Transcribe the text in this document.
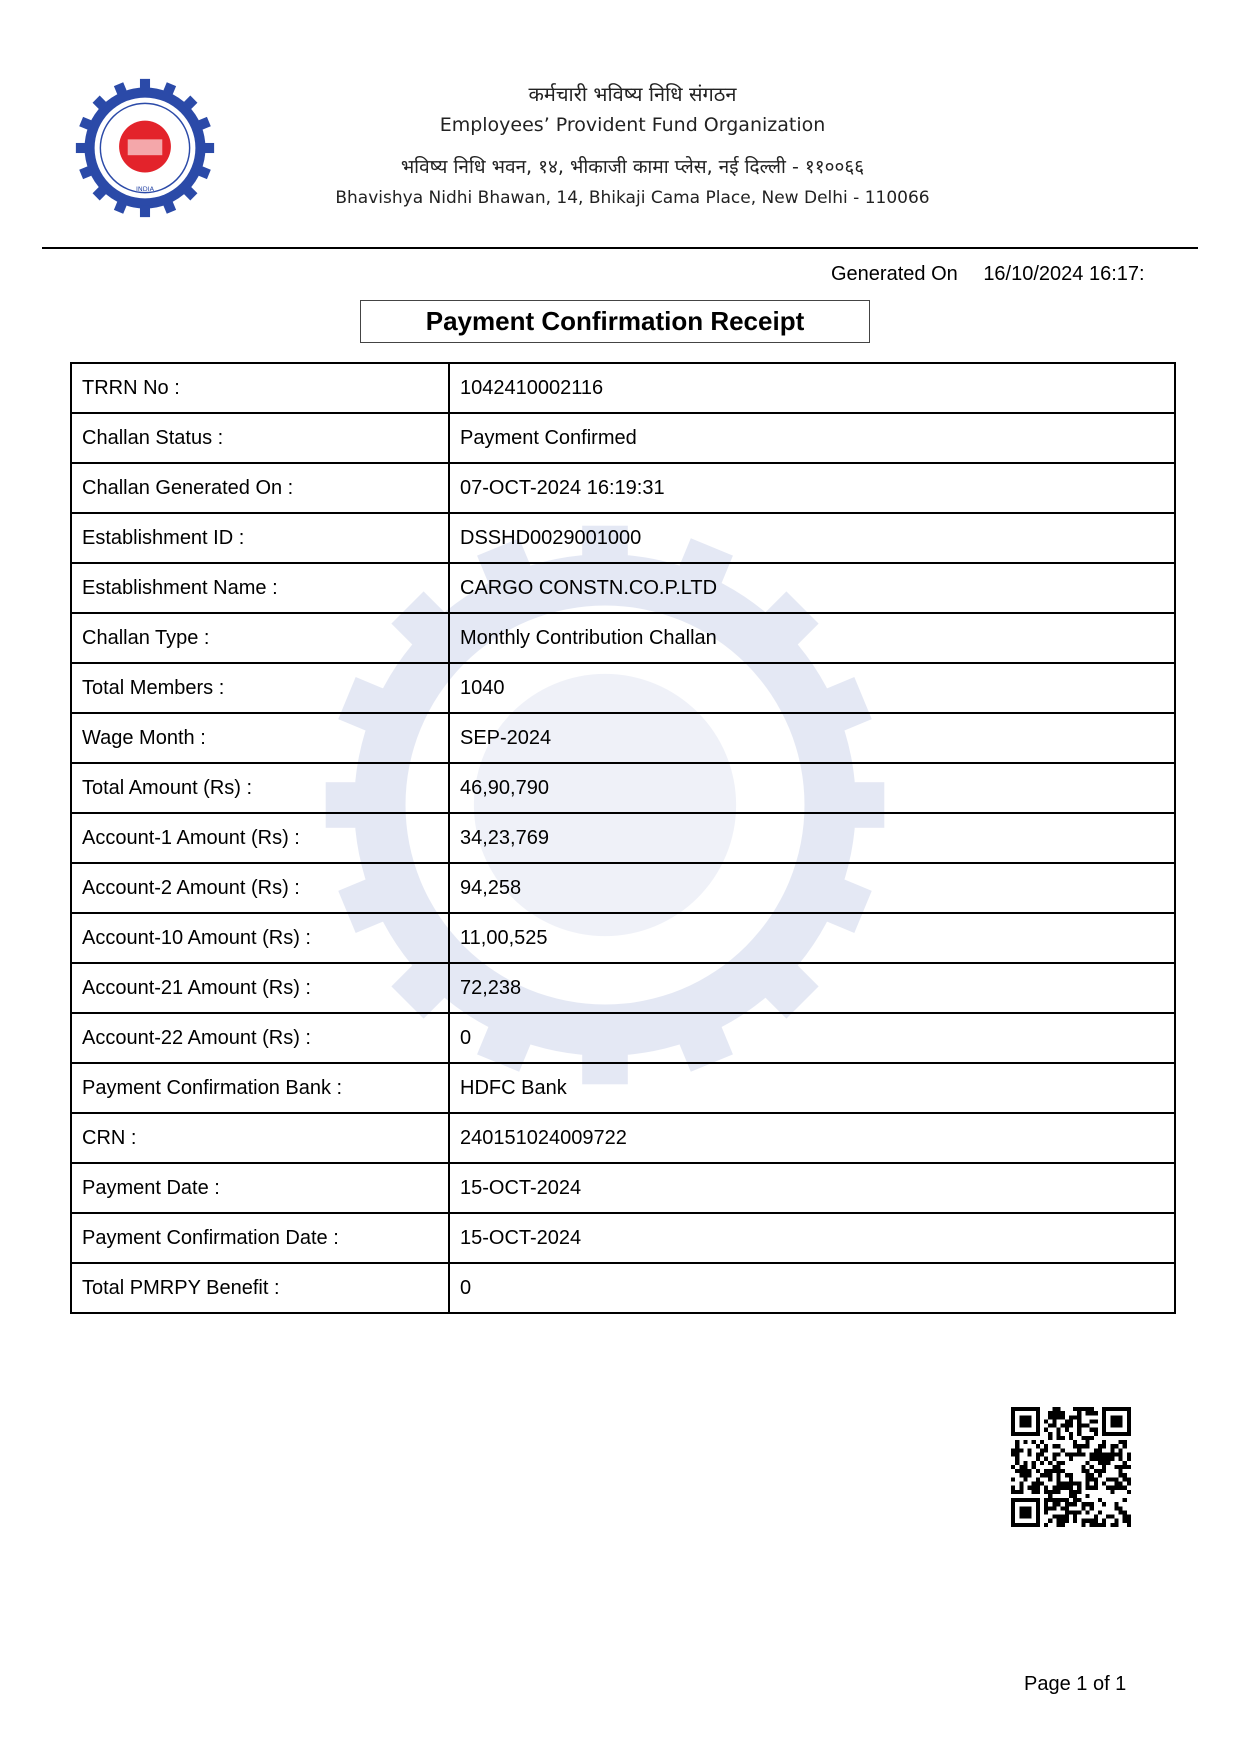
INDIA
कर्मचारी भविष्य निधि संगठन
Employees’ Provident Fund Organization
भविष्य निधि भवन, १४, भीकाजी कामा प्लेस, नई दिल्ली - ११००६६
Bhavishya Nidhi Bhawan, 14, Bhikaji Cama Place, New Delhi - 110066
Generated On 16/10/2024 16:17:
Payment Confirmation Receipt
TRRN No :	1042410002116
Challan Status :	Payment Confirmed
Challan Generated On :	07-OCT-2024 16:19:31
Establishment ID :	DSSHD0029001000
Establishment Name :	CARGO CONSTN.CO.P.LTD
Challan Type :	Monthly Contribution Challan
Total Members :	1040
Wage Month :	SEP-2024
Total Amount (Rs) :	46,90,790
Account-1 Amount (Rs) :	34,23,769
Account-2 Amount (Rs) :	94,258
Account-10 Amount (Rs) :	11,00,525
Account-21 Amount (Rs) :	72,238
Account-22 Amount (Rs) :	0
Payment Confirmation Bank :	HDFC Bank
CRN :	240151024009722
Payment Date :	15-OCT-2024
Payment Confirmation Date :	15-OCT-2024
Total PMRPY Benefit :	0
Page 1 of 1
